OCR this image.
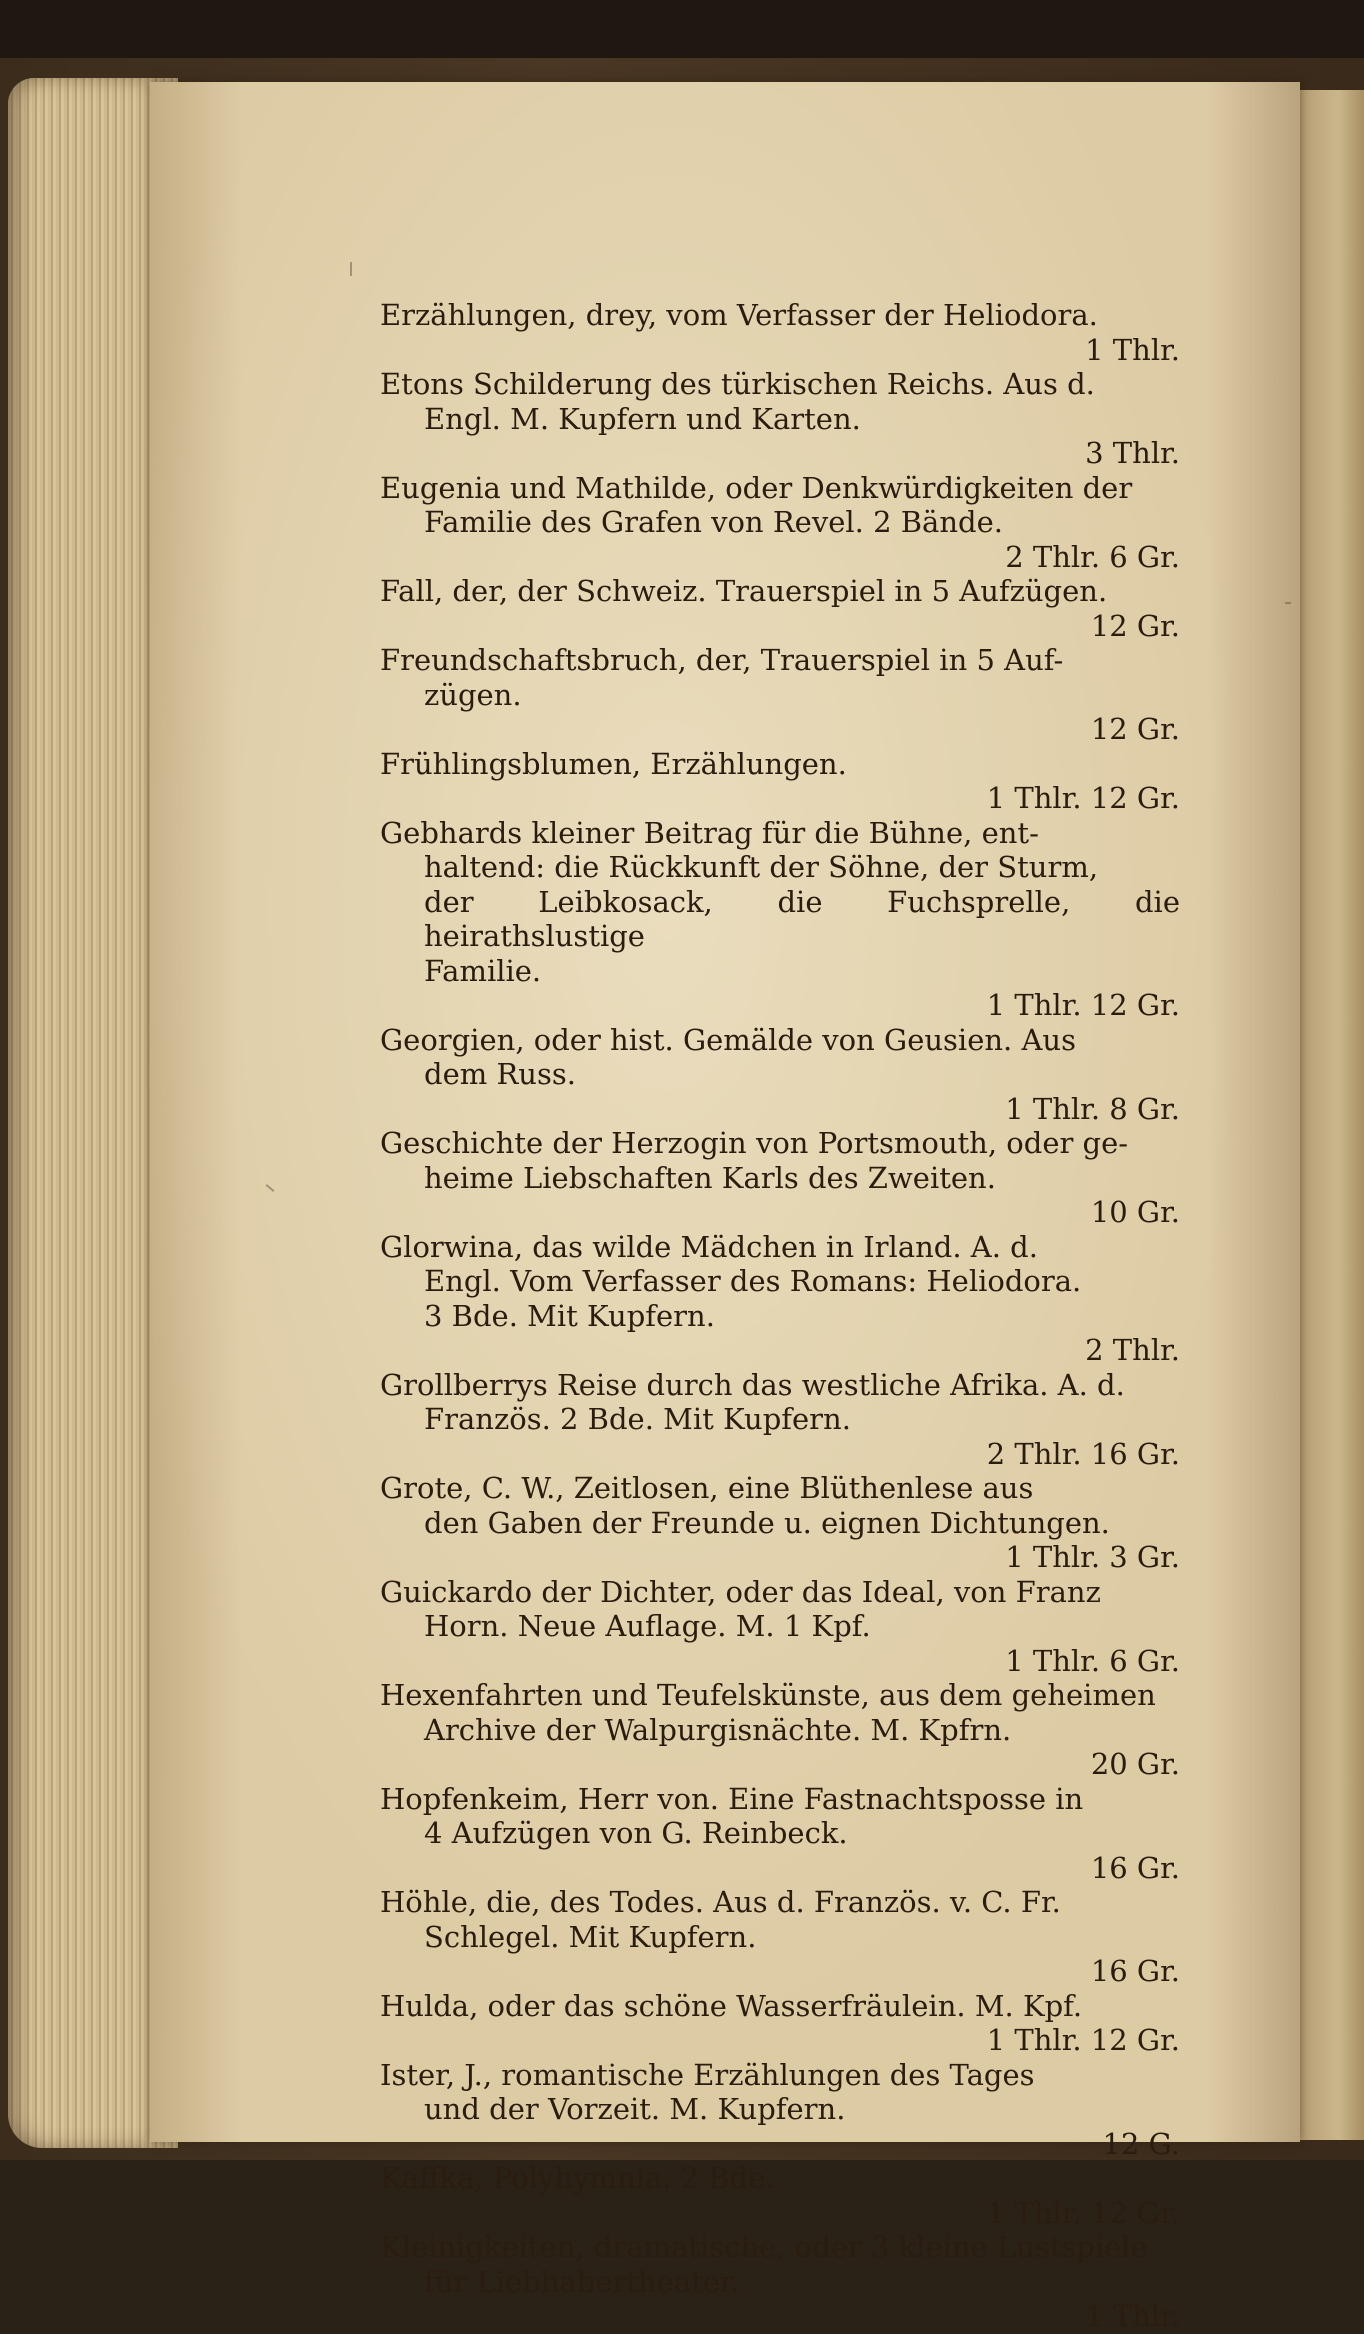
Erzählungen, drey, vom Verfasser der Heliodora.
1 Thlr.
Etons Schilderung des türkischen Reichs. Aus d.
Engl. M. Kupfern und Karten.
3 Thlr.
Eugenia und Mathilde, oder Denkwürdigkeiten der
Familie des Grafen von Revel. 2 Bände.
2 Thlr. 6 Gr.
Fall, der, der Schweiz. Trauerspiel in 5 Aufzügen.
12 Gr.
Freundschaftsbruch, der, Trauerspiel in 5 Auf-
zügen.
12 Gr.
Frühlingsblumen, Erzählungen.
1 Thlr. 12 Gr.
Gebhards kleiner Beitrag für die Bühne, ent-
haltend: die Rückkunft der Söhne, der Sturm,
der Leibkosack, die Fuchsprelle, die heirathslustige
Familie.
1 Thlr. 12 Gr.
Georgien, oder hist. Gemälde von Geusien. Aus
dem Russ.
1 Thlr. 8 Gr.
Geschichte der Herzogin von Portsmouth, oder ge-
heime Liebschaften Karls des Zweiten.
10 Gr.
Glorwina, das wilde Mädchen in Irland. A. d.
Engl. Vom Verfasser des Romans: Heliodora.
3 Bde. Mit Kupfern.
2 Thlr.
Grollberrys Reise durch das westliche Afrika. A. d.
Französ. 2 Bde. Mit Kupfern.
2 Thlr. 16 Gr.
Grote, C. W., Zeitlosen, eine Blüthenlese aus
den Gaben der Freunde u. eignen Dichtungen.
1 Thlr. 3 Gr.
Guickardo der Dichter, oder das Ideal, von Franz
Horn. Neue Auflage. M. 1 Kpf.
1 Thlr. 6 Gr.
Hexenfahrten und Teufelskünste, aus dem geheimen
Archive der Walpurgisnächte. M. Kpfrn.
20 Gr.
Hopfenkeim, Herr von. Eine Fastnachtsposse in
4 Aufzügen von G. Reinbeck.
16 Gr.
Höhle, die, des Todes. Aus d. Französ. v. C. Fr.
Schlegel. Mit Kupfern.
16 Gr.
Hulda, oder das schöne Wasserfräulein. M. Kpf.
1 Thlr. 12 Gr.
Ister, J., romantische Erzählungen des Tages
und der Vorzeit. M. Kupfern.
12 G.
Kaffka, Polyhymnia. 2 Bde.
1 Thlr. 12 Gr.
Kleinigkeiten, dramatische, oder 3 kleine Lustspiele
für Liebhabertheater.
1 Thlr.
